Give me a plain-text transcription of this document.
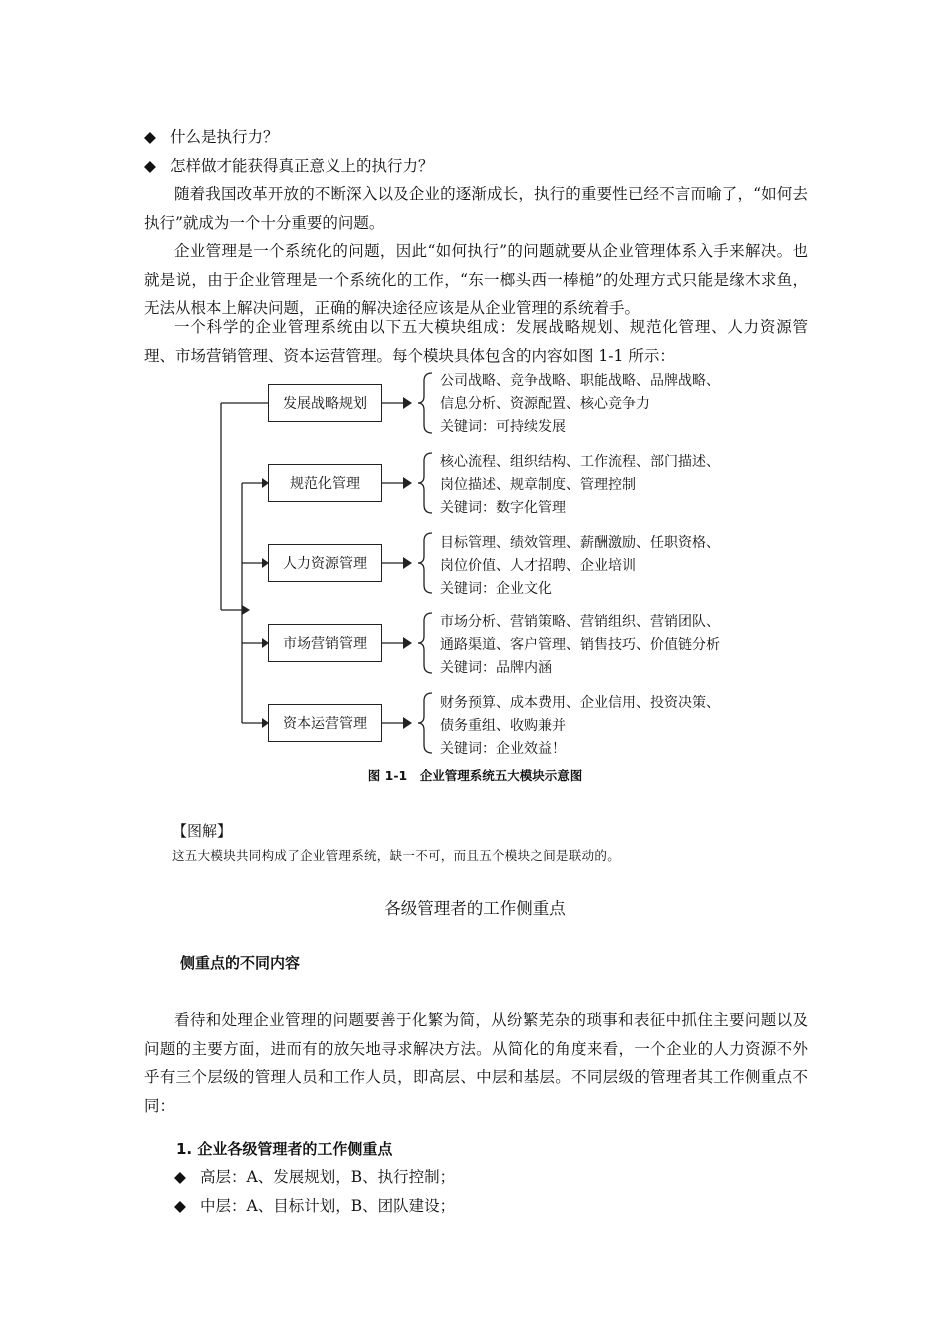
◆ 什么是执行力？
◆ 怎样做才能获得真正意义上的执行力？

随着我国改革开放的不断深入以及企业的逐渐成长，执行的重要性已经不言而喻了，“如何去执行”就成为一个十分重要的问题。

企业管理是一个系统化的问题，因此“如何执行”的问题就要从企业管理体系入手来解决。也就是说，由于企业管理是一个系统化的工作，“东一榔头西一棒槌”的处理方式只能是缘木求鱼，无法从根本上解决问题，正确的解决途径应该是从企业管理的系统着手。

一个科学的企业管理系统由以下五大模块组成：发展战略规划、规范化管理、人力资源管理、市场营销管理、资本运营管理。每个模块具体包含的内容如图 1-1 所示：

发展战略规划
规范化管理
人力资源管理
市场营销管理
资本运营管理
公司战略、竞争战略、职能战略、品牌战略、
信息分析、资源配置、核心竞争力
关键词：可持续发展
核心流程、组织结构、工作流程、部门描述、
岗位描述、规章制度、管理控制
关键词：数字化管理
目标管理、绩效管理、薪酬激励、任职资格、
岗位价值、人才招聘、企业培训
关键词：企业文化
市场分析、营销策略、营销组织、营销团队、
通路渠道、客户管理、销售技巧、价值链分析
关键词：品牌内涵
财务预算、成本费用、企业信用、投资决策、
债务重组、收购兼并
关键词：企业效益！
图 1-1　企业管理系统五大模块示意图
【图解】
这五大模块共同构成了企业管理系统，缺一不可，而且五个模块之间是联动的。
各级管理者的工作侧重点
侧重点的不同内容

看待和处理企业管理的问题要善于化繁为简，从纷繁芜杂的琐事和表征中抓住主要问题以及问题的主要方面，进而有的放矢地寻求解决方法。从简化的角度来看，一个企业的人力资源不外乎有三个层级的管理人员和工作人员，即高层、中层和基层。不同层级的管理者其工作侧重点不同：

1. 企业各级管理者的工作侧重点
◆ 高层：A、发展规划，B、执行控制；
◆ 中层：A、目标计划，B、团队建设；
